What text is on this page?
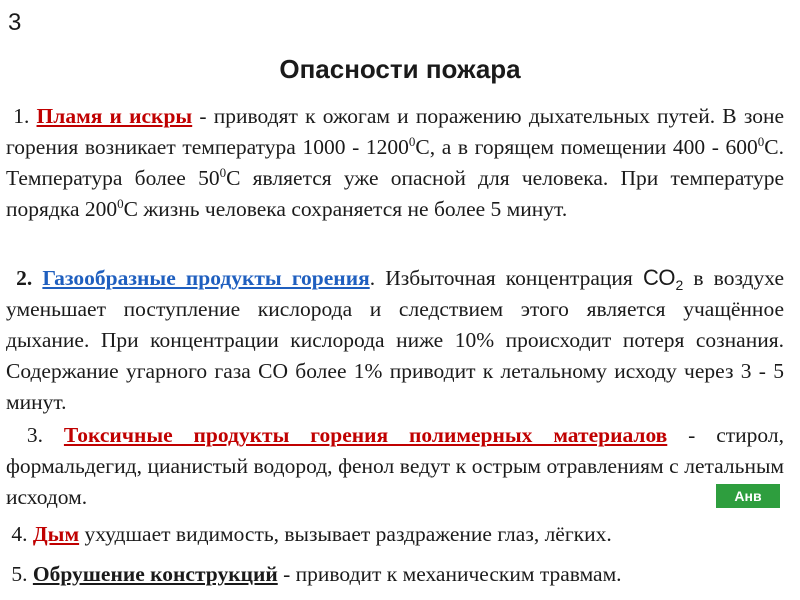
3
Опасности пожара

1. Пламя и искры - приводят к ожогам и поражению дыхательных путей. В зоне горения возникает температура 1000 - 1200$^0$С, а в горящем помещении $400 - 600^0С$. Температура более $50^0С$ является уже опасной для человека. При температуре порядка $200^0С$ жизнь человека сохраняется не более 5 минут.

2. Газообразные продукты горения. Избыточная концентрация $СО_2$ в воздухе уменьшает поступление кислорода и следствием этого является учащённое дыхание. При концентрации кислорода ниже 10% происходит потеря сознания. Содержание угарного газа СО более 1% приводит к летальному исходу через 3 - 5 минут.

3. Токсичные продукты горения полимерных материалов - стирол, формальдегид, цианистый водород, фенол ведут к острым отравлениям с летальным исходом.

4. Дым ухудшает видимость, вызывает раздражение глаз, лёгких.

5. Обрушение конструкций - приводит к механическим травмам.

Анв
